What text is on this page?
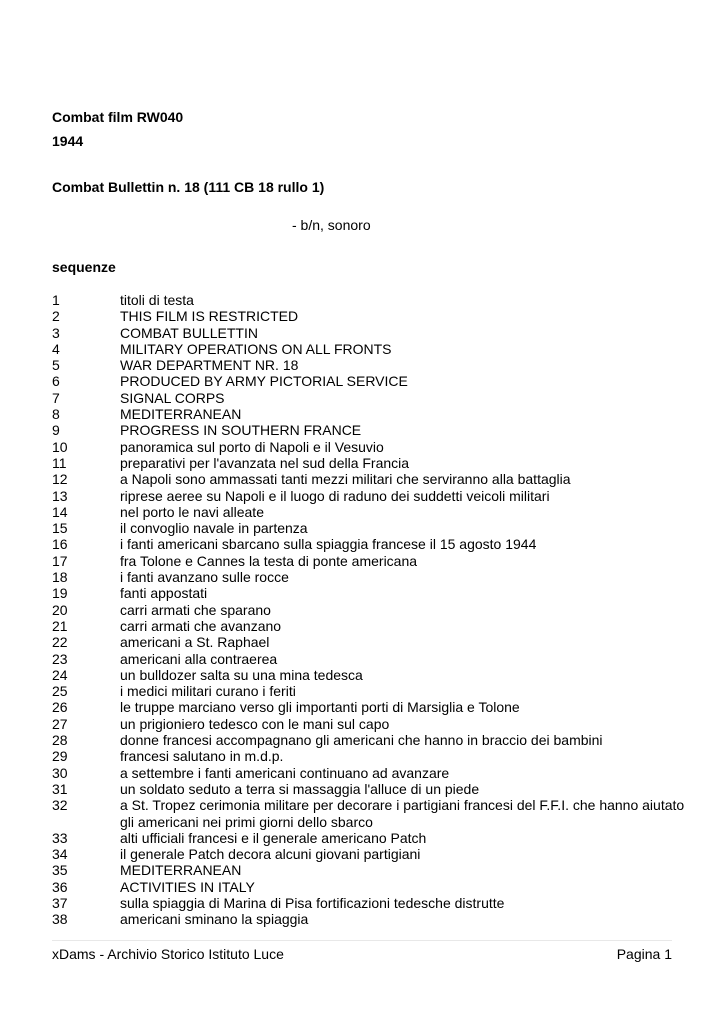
Combat film RW040
1944
Combat Bullettin n. 18 (111 CB 18 rullo 1)
- b/n, sonoro
sequenze
1	titoli di testa
2	THIS FILM IS RESTRICTED
3	COMBAT BULLETTIN
4	MILITARY OPERATIONS ON ALL FRONTS
5	WAR DEPARTMENT NR. 18
6	PRODUCED BY ARMY PICTORIAL SERVICE
7	SIGNAL CORPS
8	MEDITERRANEAN
9	PROGRESS IN SOUTHERN FRANCE
10	panoramica sul porto di Napoli e il Vesuvio
11	preparativi per l'avanzata nel sud della Francia
12	a Napoli sono ammassati tanti mezzi militari che serviranno alla battaglia
13	riprese aeree su Napoli e il luogo di raduno dei suddetti veicoli militari
14	nel porto le navi alleate
15	il convoglio navale in partenza
16	i fanti americani sbarcano sulla spiaggia francese il 15 agosto 1944
17	fra Tolone e Cannes la testa di ponte americana
18	i fanti avanzano sulle rocce
19	fanti appostati
20	carri armati che sparano
21	carri armati che avanzano
22	americani a St. Raphael
23	americani alla contraerea
24	un bulldozer salta su una mina tedesca
25	i medici militari curano i feriti
26	le truppe marciano verso gli importanti porti di Marsiglia e Tolone
27	un prigioniero tedesco con le mani sul capo
28	donne francesi accompagnano gli americani che hanno in braccio dei bambini
29	francesi salutano in m.d.p.
30	a settembre i fanti americani continuano ad avanzare
31	un soldato seduto a terra si massaggia l'alluce di un piede
32	a St. Tropez cerimonia militare per decorare i partigiani francesi del F.F.I. che hanno aiutato gli americani nei primi giorni dello sbarco
33	alti ufficiali francesi e il generale americano Patch
34	il generale Patch decora alcuni giovani partigiani
35	MEDITERRANEAN
36	ACTIVITIES IN ITALY
37	sulla spiaggia di Marina di Pisa fortificazioni tedesche distrutte
38	americani sminano la spiaggia
xDams - Archivio Storico Istituto Luce	Pagina 1
